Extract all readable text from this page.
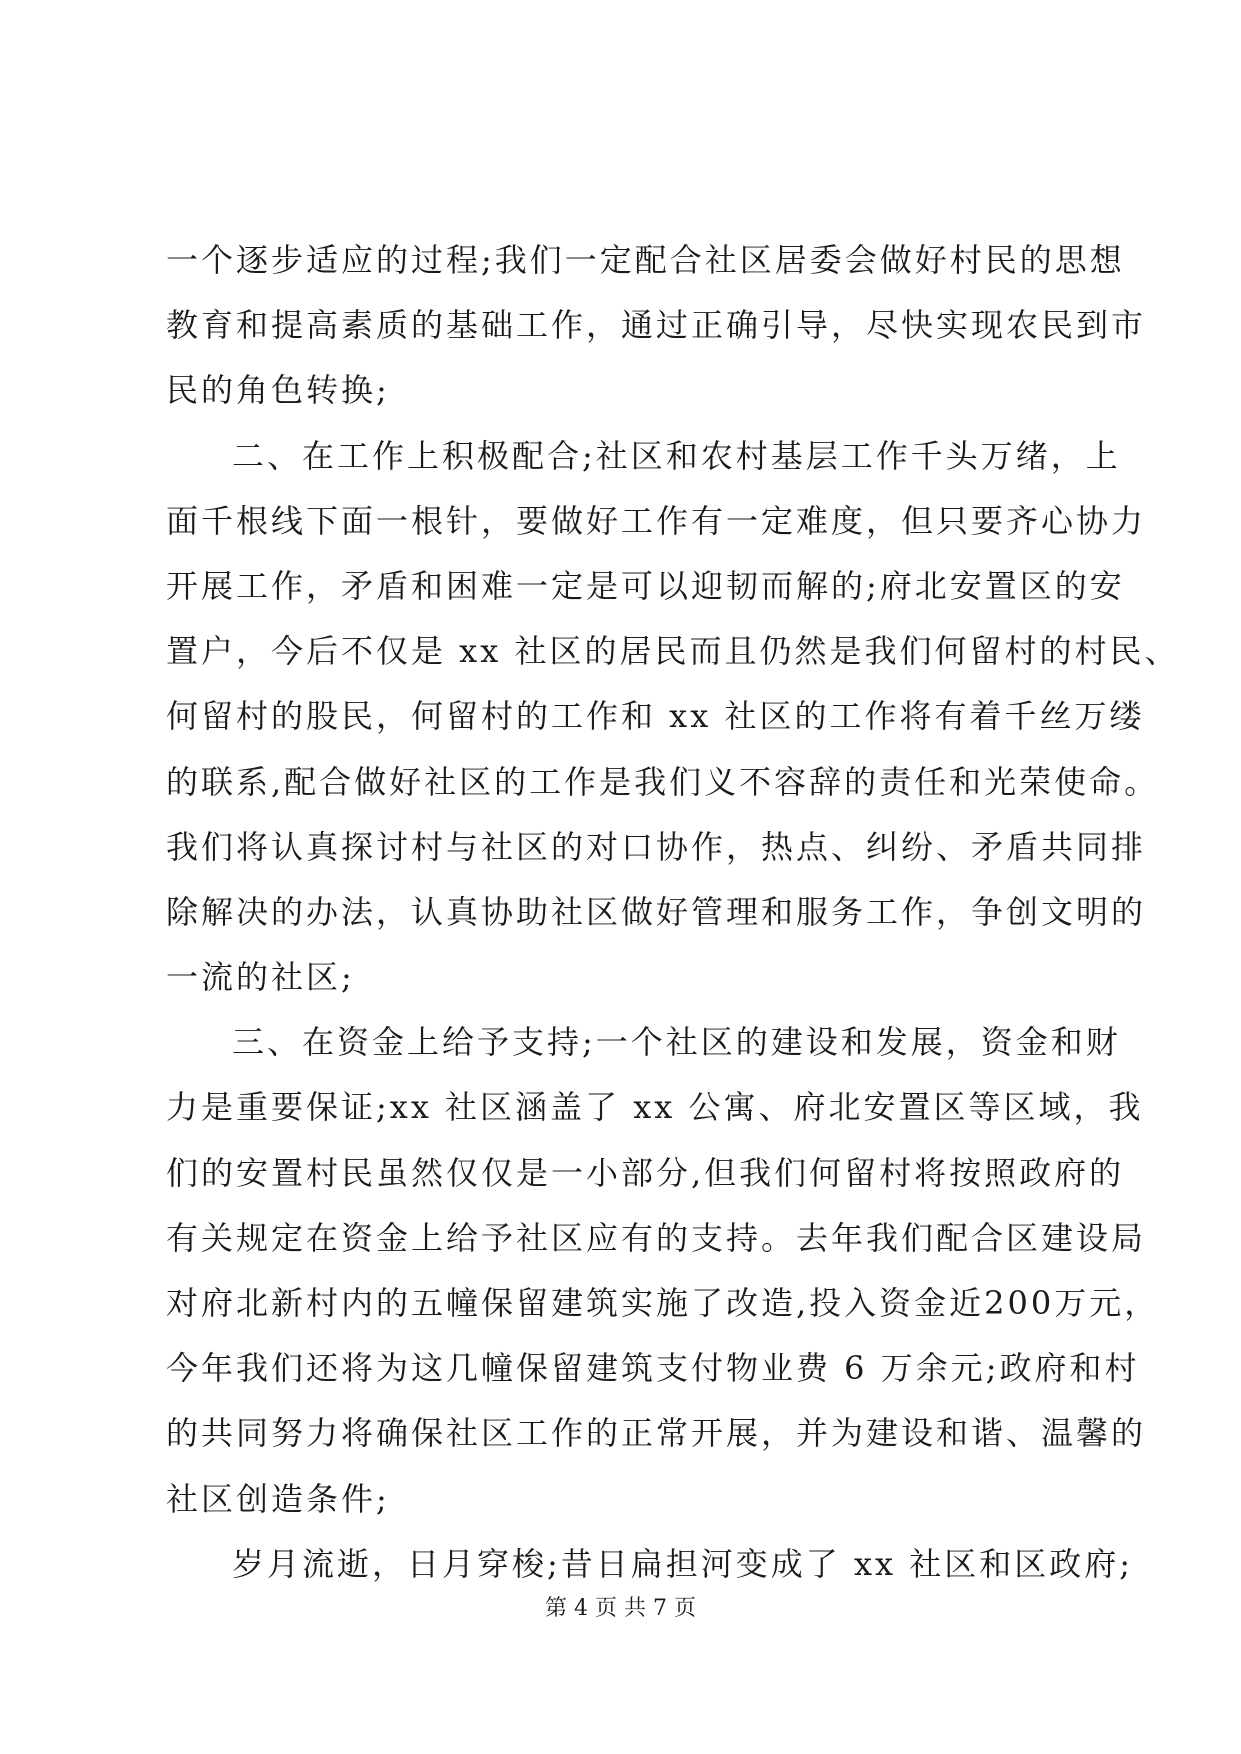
一个逐步适应的过程;我们一定配合社区居委会做好村民的思想
教育和提高素质的基础工作，通过正确引导，尽快实现农民到市
民的角色转换;
二、在工作上积极配合;社区和农村基层工作千头万绪，上
面千根线下面一根针，要做好工作有一定难度，但只要齐心协力
开展工作，矛盾和困难一定是可以迎韧而解的;府北安置区的安
置户，今后不仅是 xx 社区的居民而且仍然是我们何留村的村民、
何留村的股民，何留村的工作和 xx 社区的工作将有着千丝万缕
的联系,配合做好社区的工作是我们义不容辞的责任和光荣使命。
我们将认真探讨村与社区的对口协作，热点、纠纷、矛盾共同排
除解决的办法，认真协助社区做好管理和服务工作，争创文明的
一流的社区;
三、在资金上给予支持;一个社区的建设和发展，资金和财
力是重要保证;xx 社区涵盖了 xx 公寓、府北安置区等区域，我
们的安置村民虽然仅仅是一小部分,但我们何留村将按照政府的
有关规定在资金上给予社区应有的支持。去年我们配合区建设局
对府北新村内的五幢保留建筑实施了改造,投入资金近200万元，
今年我们还将为这几幢保留建筑支付物业费 6 万余元;政府和村
的共同努力将确保社区工作的正常开展，并为建设和谐、温馨的
社区创造条件;
岁月流逝，日月穿梭;昔日扁担河变成了 xx 社区和区政府;
第 4 页 共 7 页
